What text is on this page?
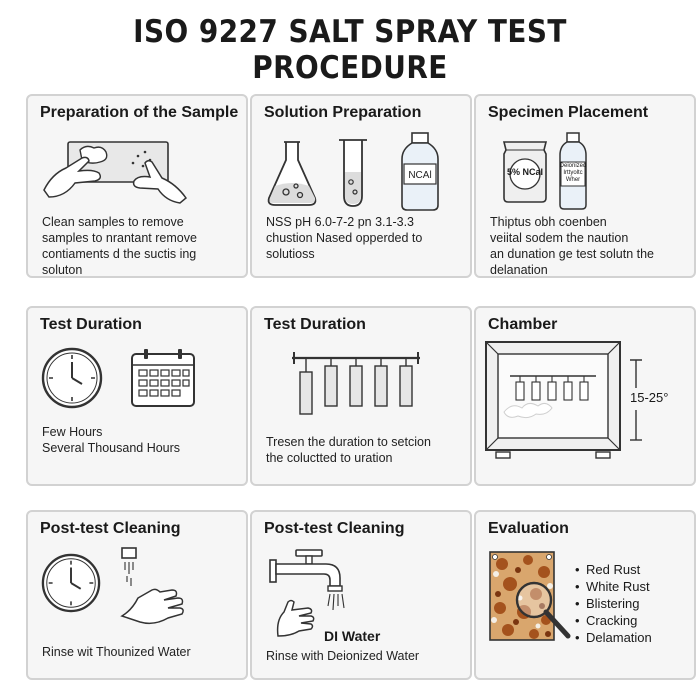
ISO 9227 SALT SPRAY TEST PROCEDURE
Preparation of the Sample
Clean samples to remove
samples to nrantant remove
contiaments d the suctis ing
soluton
Solution Preparation
NCAl
NSS pH 6.0-7-2 pn 3.1-3.3
chustion Nased opperded to
solutioss
Specimen Placement
5% NCaI
Deionized
Irttyoltc
Wher
Thiptus obh coenben
veiital sodem the naution
an dunation ge test solutn the
delanation
Test Duration
Few Hours
Several Thousand Hours
Test Duration
Tresen the duration to setcion
the coluctted to uration
Chamber
15-25°
Post-test Cleaning
Rinse wit Thounized Water
Post-test Cleaning
DI Water
Rinse with Deionized Water
Evaluation
• Red Rust
• White Rust
• Blistering
• Cracking
• Delamation
